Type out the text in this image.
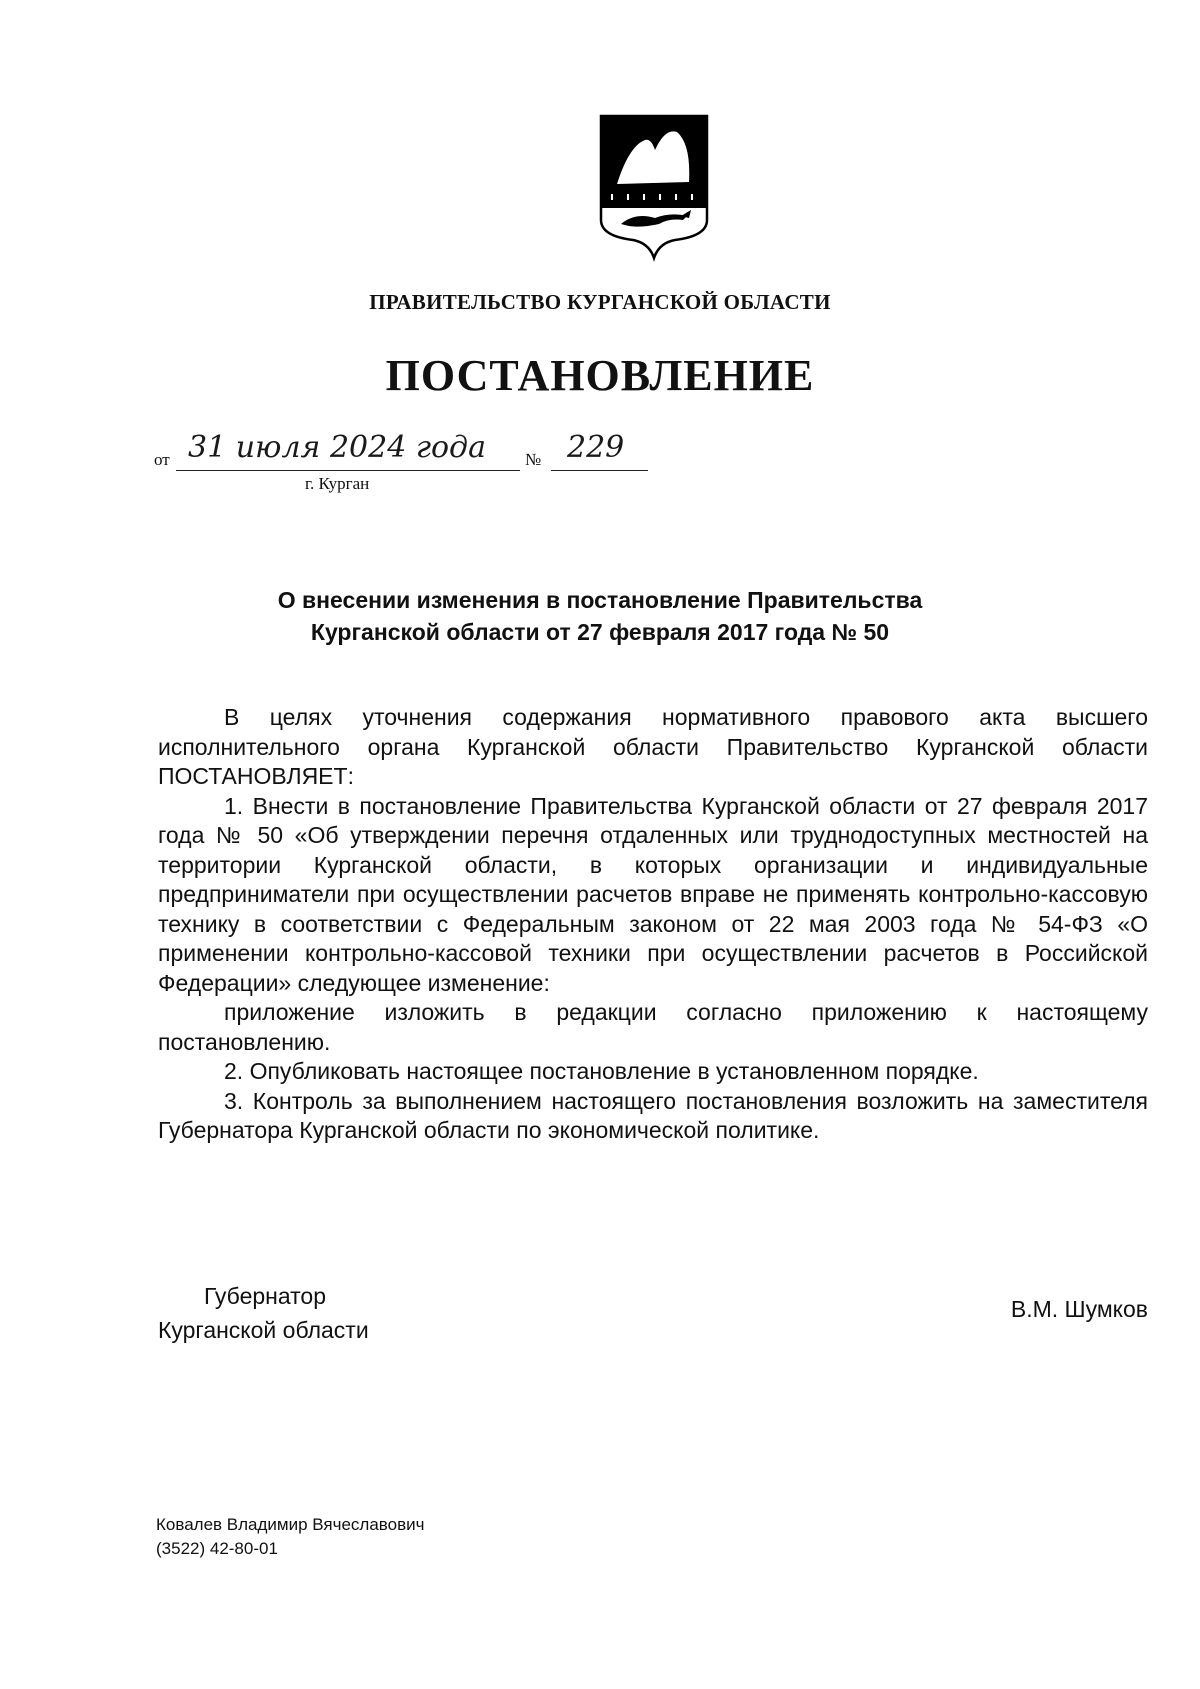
ПРАВИТЕЛЬСТВО КУРГАНСКОЙ ОБЛАСТИ
ПОСТАНОВЛЕНИЕ
от 31 июля 2024 года № 229
г. Курган
О внесении изменения в постановление Правительства
Курганской области от 27 февраля 2017 года № 50

В целях уточнения содержания нормативного правового акта высшего исполнительного органа Курганской области Правительство Курганской области ПОСТАНОВЛЯЕТ:

1. Внести в постановление Правительства Курганской области от 27 февраля 2017 года № 50 «Об утверждении перечня отдаленных или труднодоступных местностей на территории Курганской области, в которых организации и индивидуальные предприниматели при осуществлении расчетов вправе не применять контрольно-кассовую технику в соответствии с Федеральным законом от 22 мая 2003 года № 54-ФЗ «О применении контрольно-кассовой техники при осуществлении расчетов в Российской Федерации» следующее изменение:

приложение изложить в редакции согласно приложению к настоящему постановлению.

2. Опубликовать настоящее постановление в установленном порядке.

3. Контроль за выполнением настоящего постановления возложить на заместителя Губернатора Курганской области по экономической политике.

Губернатор
Курганской области
В.М. Шумков
Ковалев Владимир Вячеславович
(3522) 42-80-01
